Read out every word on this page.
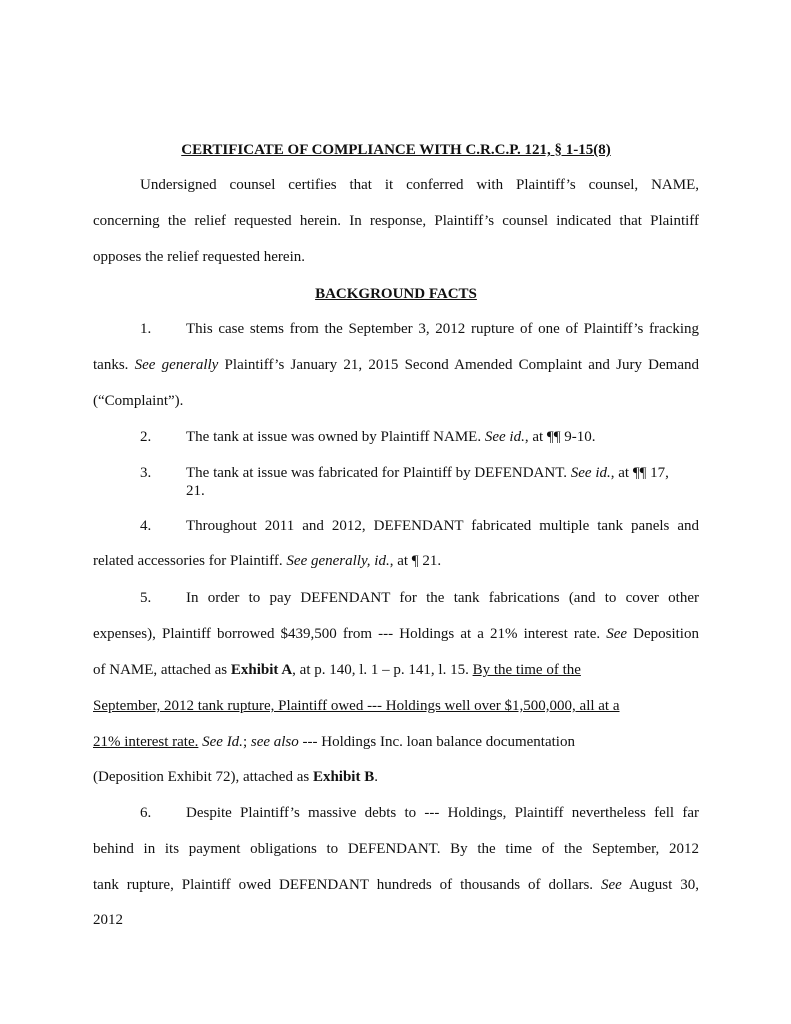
CERTIFICATE OF COMPLIANCE WITH C.R.C.P. 121, § 1-15(8)
Undersigned counsel certifies that it conferred with Plaintiff’s counsel, NAME,
concerning the relief requested herein. In response, Plaintiff’s counsel indicated that Plaintiff
opposes the relief requested herein.
BACKGROUND FACTS
1. This case stems from the September 3, 2012 rupture of one of Plaintiff’s fracking
tanks. See generally Plaintiff’s January 21, 2015 Second Amended Complaint and Jury Demand
(“Complaint”).
2. The tank at issue was owned by Plaintiff NAME. See id., at ¶¶ 9-10.
3. The tank at issue was fabricated for Plaintiff by DEFENDANT. See id., at ¶¶ 17,
21.
4. Throughout 2011 and 2012, DEFENDANT fabricated multiple tank panels and
related accessories for Plaintiff. See generally, id., at ¶ 21.
5. In order to pay DEFENDANT for the tank fabrications (and to cover other
expenses), Plaintiff borrowed $439,500 from --- Holdings at a 21% interest rate. See Deposition
of NAME, attached as Exhibit A, at p. 140, l. 1 – p. 141, l. 15. By the time of the
September, 2012 tank rupture, Plaintiff owed --- Holdings well over $1,500,000, all at a
21% interest rate. See Id.; see also --- Holdings Inc. loan balance documentation
(Deposition Exhibit 72), attached as Exhibit B.
6. Despite Plaintiff’s massive debts to --- Holdings, Plaintiff nevertheless fell far
behind in its payment obligations to DEFENDANT. By the time of the September, 2012
tank rupture, Plaintiff owed DEFENDANT hundreds of thousands of dollars. See August 30,
2012
